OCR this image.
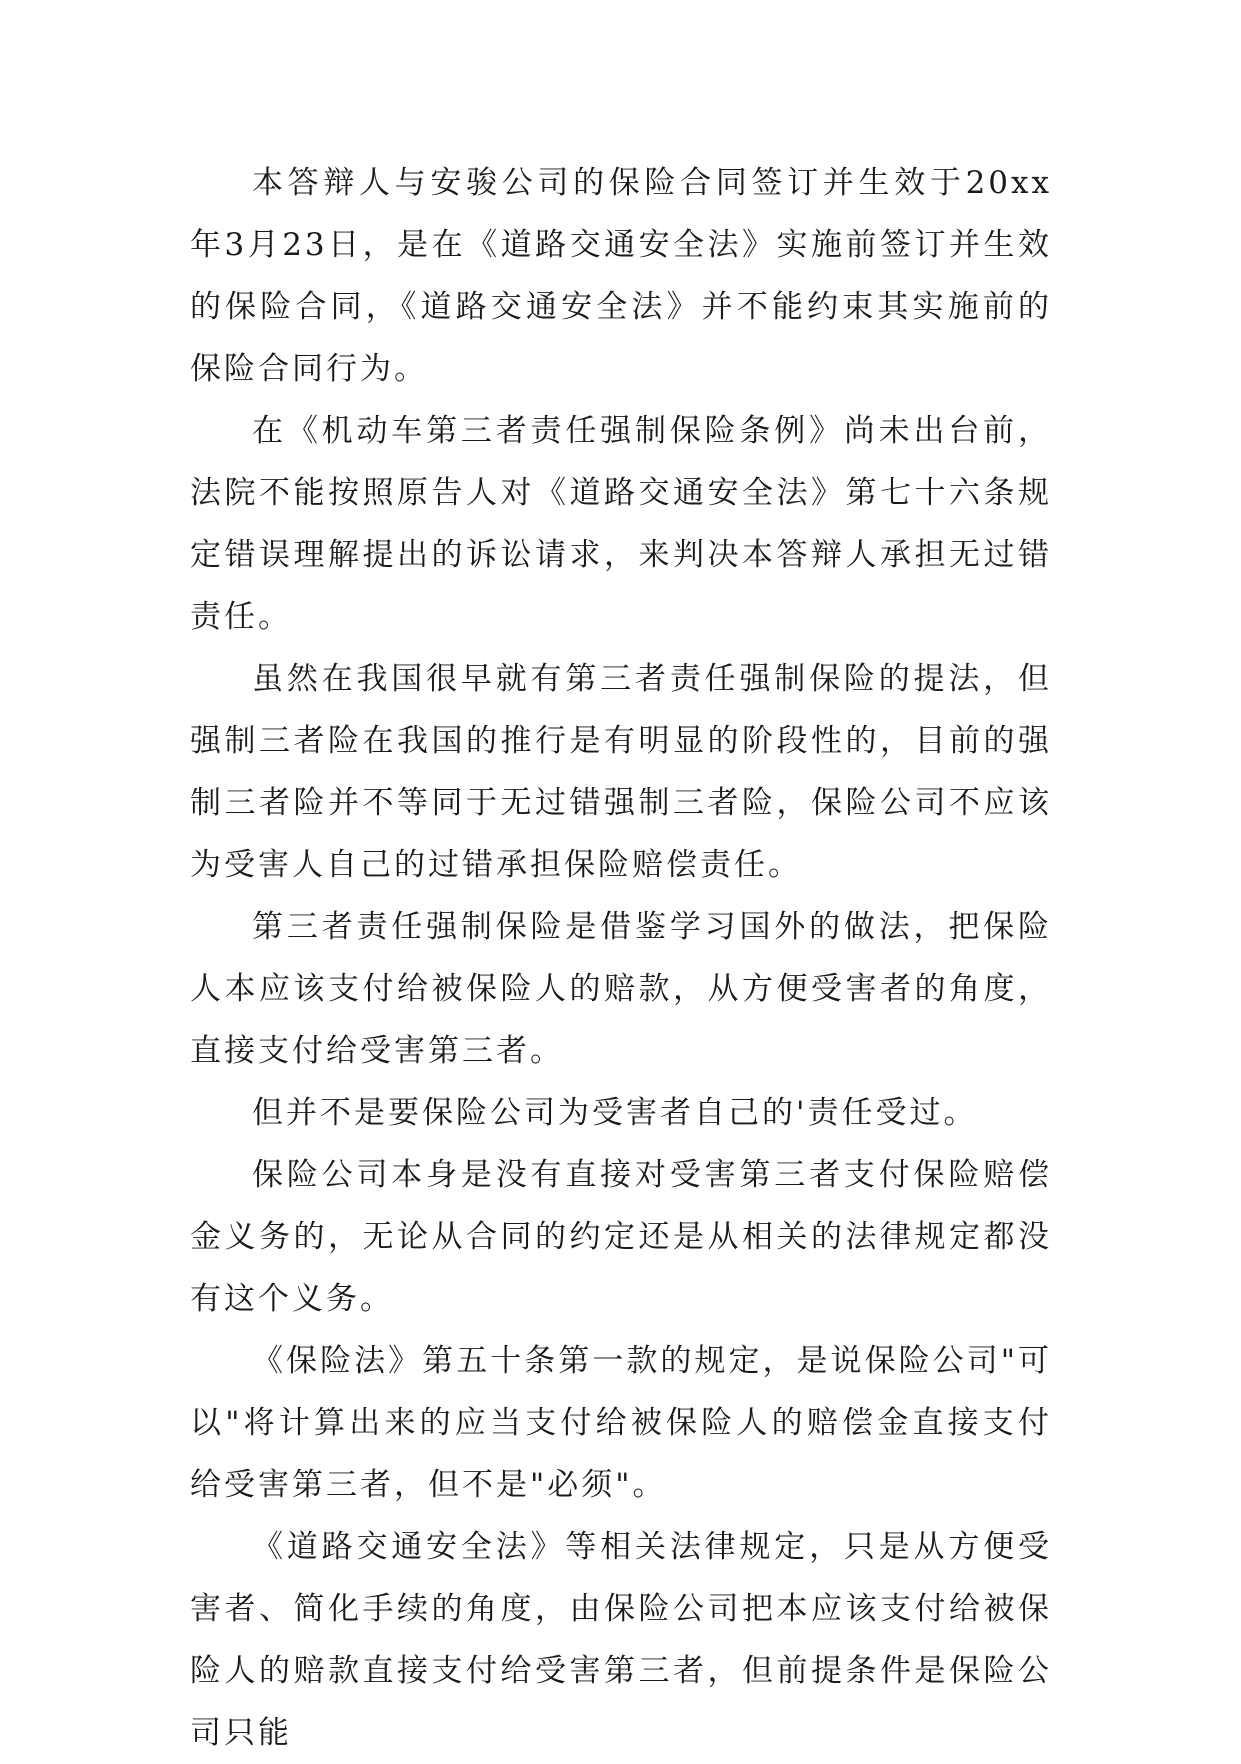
本答辩人与安骏公司的保险合同签订并生效于20xx年3月23日，是在《道路交通安全法》实施前签订并生效的保险合同，《道路交通安全法》并不能约束其实施前的保险合同行为。

在《机动车第三者责任强制保险条例》尚未出台前，法院不能按照原告人对《道路交通安全法》第七十六条规定错误理解提出的诉讼请求，来判决本答辩人承担无过错责任。

虽然在我国很早就有第三者责任强制保险的提法，但强制三者险在我国的推行是有明显的阶段性的，目前的强制三者险并不等同于无过错强制三者险，保险公司不应该为受害人自己的过错承担保险赔偿责任。

第三者责任强制保险是借鉴学习国外的做法，把保险人本应该支付给被保险人的赔款，从方便受害者的角度，直接支付给受害第三者。

但并不是要保险公司为受害者自己的'责任受过。

保险公司本身是没有直接对受害第三者支付保险赔偿金义务的，无论从合同的约定还是从相关的法律规定都没有这个义务。

《保险法》第五十条第一款的规定，是说保险公司"可以"将计算出来的应当支付给被保险人的赔偿金直接支付给受害第三者，但不是"必须"。

《道路交通安全法》等相关法律规定，只是从方便受害者、简化手续的角度，由保险公司把本应该支付给被保险人的赔款直接支付给受害第三者，但前提条件是保险公司只能
